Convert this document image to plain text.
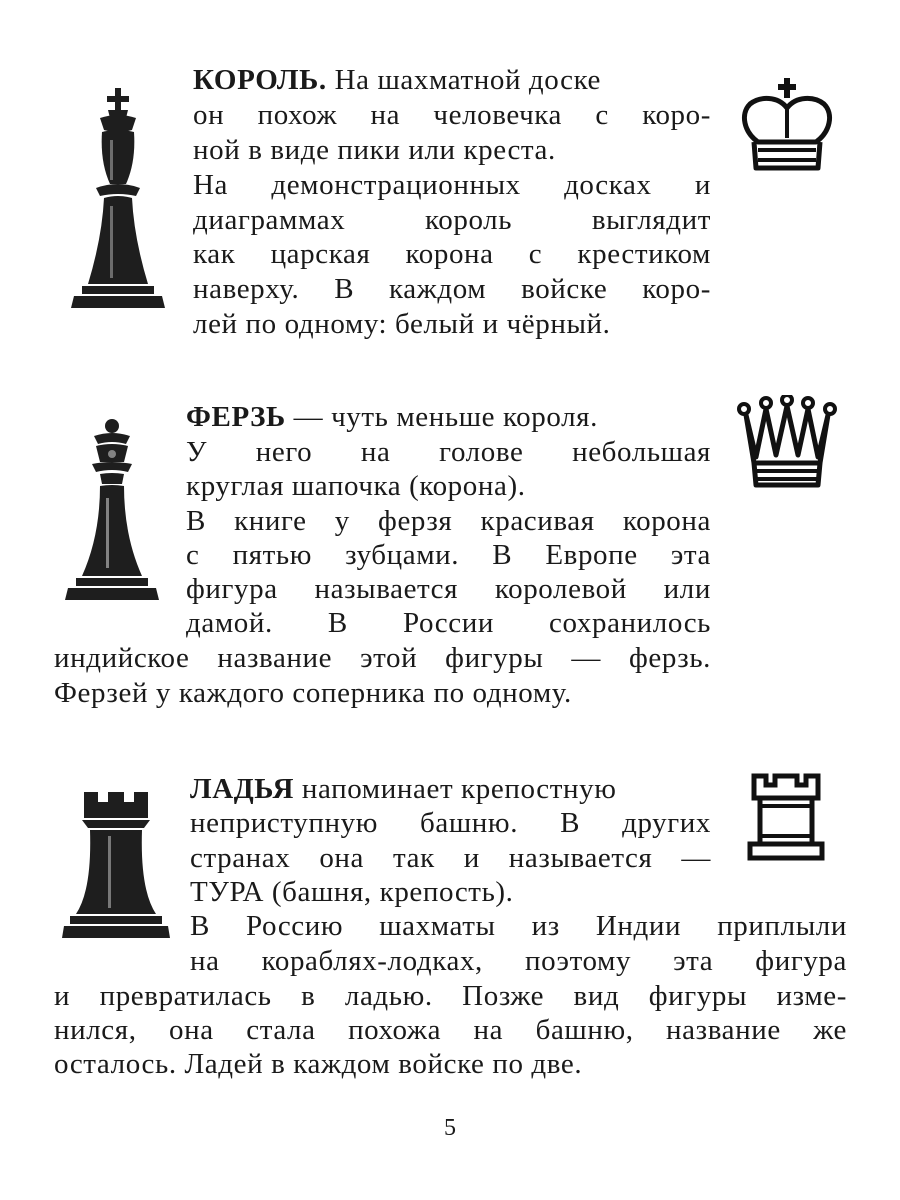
КОРОЛЬ. На шахматной доске
он похож на человечка с коро-
ной в виде пики или креста.
На демонстрационных досках и
диаграммах король выглядит
как царская корона с крестиком
наверху. В каждом войске коро-
лей по одному: белый и чёрный.
ФЕРЗЬ — чуть меньше короля.
У него на голове небольшая
круглая шапочка (корона).
В книге у ферзя красивая корона
с пятью зубцами. В Европе эта
фигура называется королевой или
дамой. В России сохранилось
индийское название этой фигуры — ферзь.
Ферзей у каждого соперника по одному.
ЛАДЬЯ напоминает крепостную
неприступную башню. В других
странах она так и называется —
ТУРА (башня, крепость).
В Россию шахматы из Индии приплыли
на кораблях-лодках, поэтому эта фигура
и превратилась в ладью. Позже вид фигуры изме-
нился, она стала похожа на башню, название же
осталось. Ладей в каждом войске по две.
5
